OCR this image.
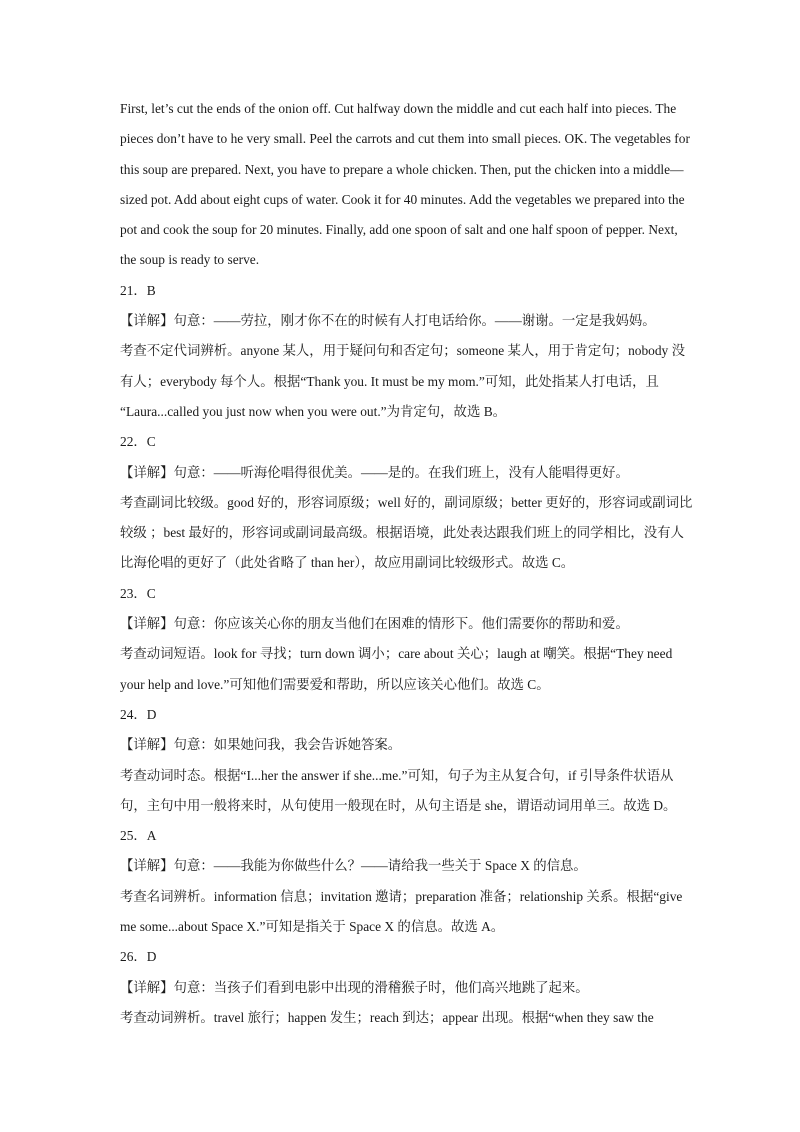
First, let’s cut the ends of the onion off. Cut halfway down the middle and cut each half into pieces. The
pieces don’t have to he very small. Peel the carrots and cut them into small pieces. OK. The vegetables for
this soup are prepared. Next, you have to prepare a whole chicken. Then, put the chicken into a middle—
sized pot. Add about eight cups of water. Cook it for 40 minutes. Add the vegetables we prepared into the
pot and cook the soup for 20 minutes. Finally, add one spoon of salt and one half spoon of pepper. Next,
the soup is ready to serve.
21．B
【详解】句意：——劳拉，刚才你不在的时候有人打电话给你。——谢谢。一定是我妈妈。
考查不定代词辨析。anyone 某人，用于疑问句和否定句；someone 某人，用于肯定句；nobody 没
有人；everybody 每个人。根据“Thank you. It must be my mom.”可知，此处指某人打电话，且
“Laura...called you just now when you were out.”为肯定句，故选 B。
22．C
【详解】句意：——听海伦唱得很优美。——是的。在我们班上，没有人能唱得更好。
考查副词比较级。good 好的，形容词原级；well 好的，副词原级；better 更好的，形容词或副词比
较级 ；best 最好的，形容词或副词最高级。根据语境，此处表达跟我们班上的同学相比，没有人
比海伦唱的更好了（此处省略了 than her），故应用副词比较级形式。故选 C。
23．C
【详解】句意：你应该关心你的朋友当他们在困难的情形下。他们需要你的帮助和爱。
考查动词短语。look for 寻找；turn down 调小；care about 关心；laugh at 嘲笑。根据“They need
your help and love.”可知他们需要爱和帮助，所以应该关心他们。故选 C。
24．D
【详解】句意：如果她问我，我会告诉她答案。
考查动词时态。根据“I...her the answer if she...me.”可知，句子为主从复合句，if 引导条件状语从
句，主句中用一般将来时，从句使用一般现在时，从句主语是 she，谓语动词用单三。故选 D。
25．A
【详解】句意：——我能为你做些什么？——请给我一些关于 Space X 的信息。
考查名词辨析。information 信息；invitation 邀请；preparation 准备；relationship 关系。根据“give
me some...about Space X.”可知是指关于 Space X 的信息。故选 A。
26．D
【详解】句意：当孩子们看到电影中出现的滑稽猴子时，他们高兴地跳了起来。
考查动词辨析。travel 旅行；happen 发生；reach 到达；appear 出现。根据“when they saw the
